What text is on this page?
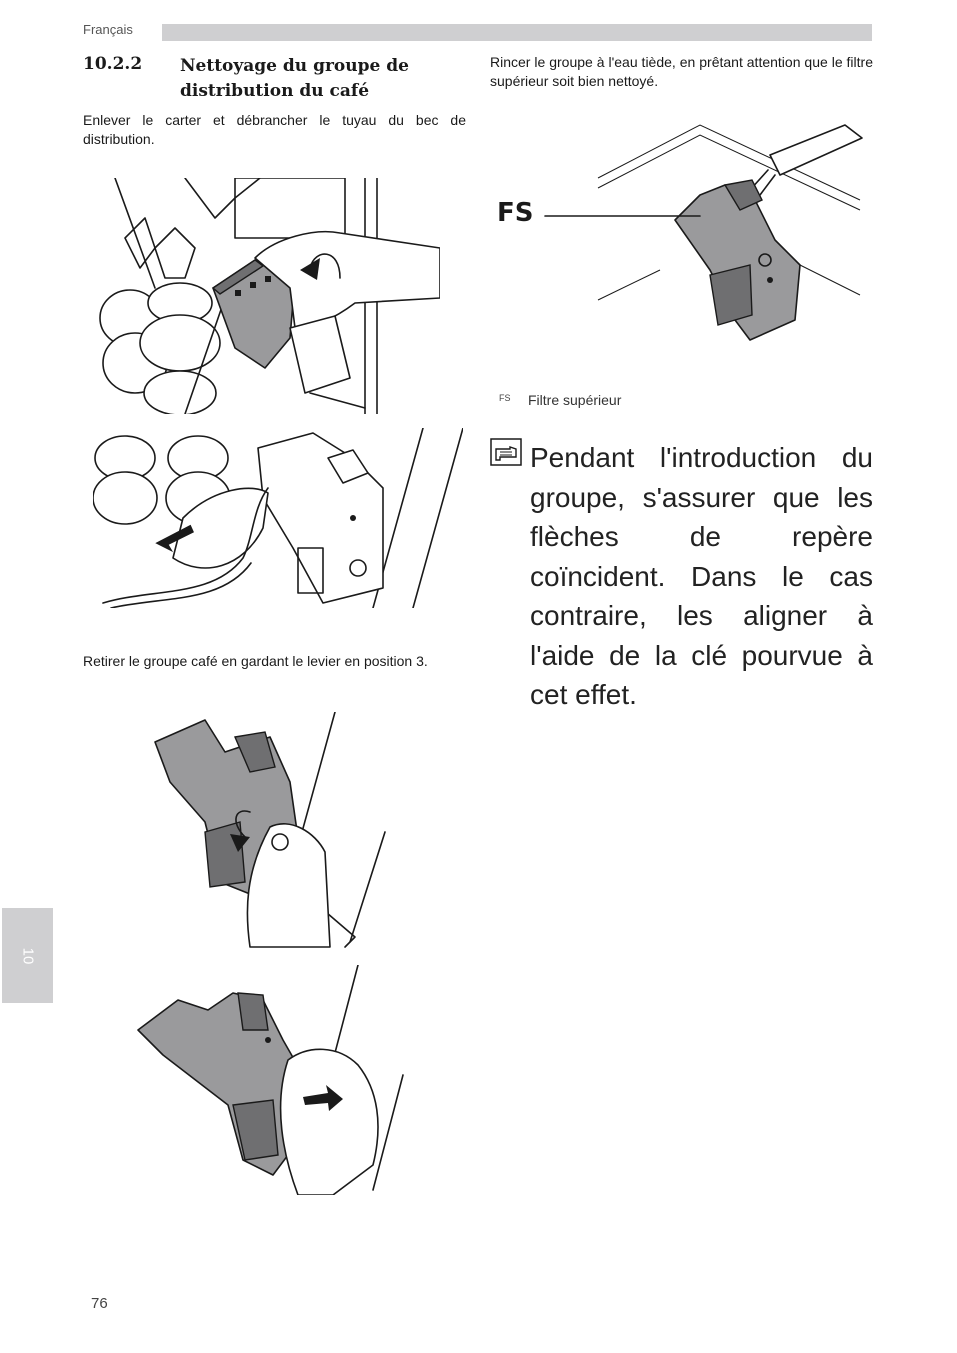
Français
10.2.2 Nettoyage du groupe de distribution du café
Enlever le carter et débrancher le tuyau du bec de distribution.
Rincer le groupe à l'eau tiède, en prêtant attention que le filtre supérieur soit bien nettoyé.
Retirer le groupe café en gardant le levier en position 3.
FS
FS Filtre supérieur
Pendant l'introduction du groupe, s'assurer que les flèches de repère coïncident. Dans le cas contraire, les aligner à l'aide de la clé pourvue à cet effet.
10
76
